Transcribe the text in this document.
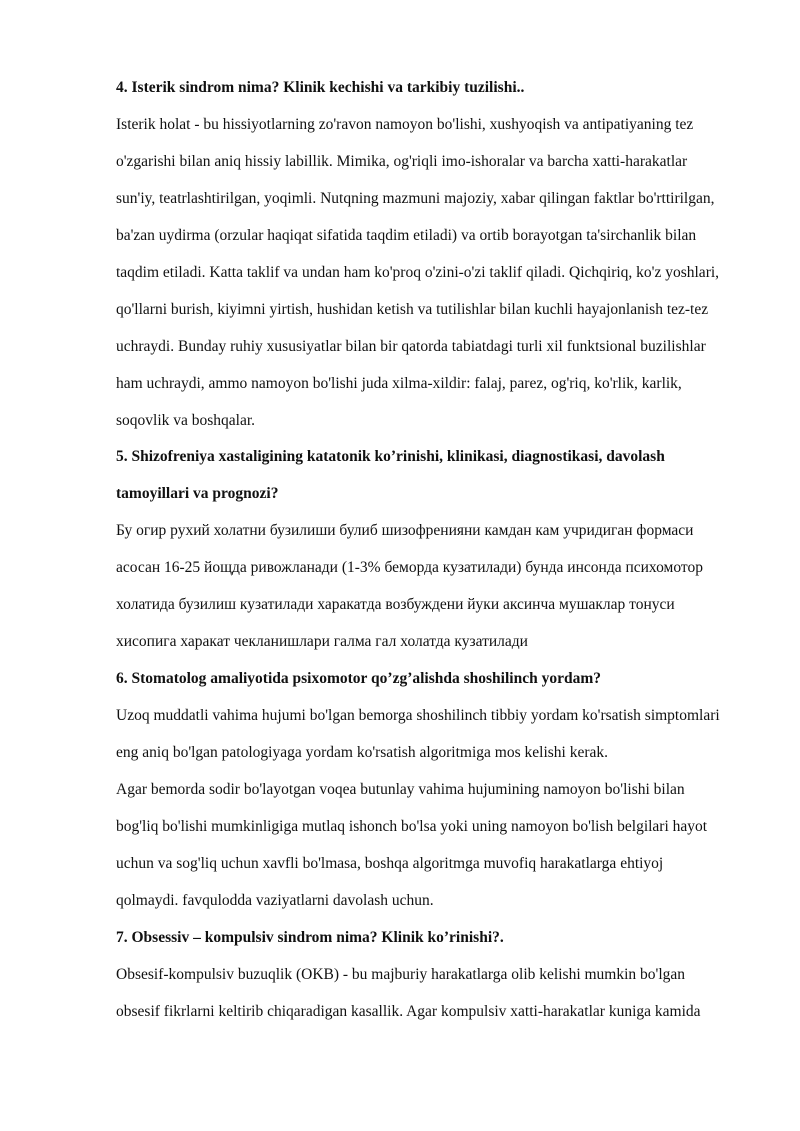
4. Isterik sindrom nima? Klinik kechishi va tarkibiy tuzilishi..
Isterik holat - bu hissiyotlarning zo'ravon namoyon bo'lishi, xushyoqish va antipatiyaning tez
o'zgarishi bilan aniq hissiy labillik. Mimika, og'riqli imo-ishoralar va barcha xatti-harakatlar
sun'iy, teatrlashtirilgan, yoqimli. Nutqning mazmuni majoziy, xabar qilingan faktlar bo'rttirilgan,
ba'zan uydirma (orzular haqiqat sifatida taqdim etiladi) va ortib borayotgan ta'sirchanlik bilan
taqdim etiladi. Katta taklif va undan ham ko'proq o'zini-o'zi taklif qiladi. Qichqiriq, ko'z yoshlari,
qo'llarni burish, kiyimni yirtish, hushidan ketish va tutilishlar bilan kuchli hayajonlanish tez-tez
uchraydi. Bunday ruhiy xususiyatlar bilan bir qatorda tabiatdagi turli xil funktsional buzilishlar
ham uchraydi, ammo namoyon bo'lishi juda xilma-xildir: falaj, parez, og'riq, ko'rlik, karlik,
soqovlik va boshqalar.
5. Shizofreniya xastaligining katatonik ko’rinishi, klinikasi, diagnostikasi, davolash
tamoyillari va prognozi?
Бу огир рухий холатни бузилиши булиб шизофренияни камдан кам учридиган формаси
асосан 16-25 йощда ривожланади (1-3% беморда кузатилади) бунда инсонда психомотор
холатида бузилиш кузатилади харакатда возбуждени йуки аксинча мушаклар тонуси
хисопига харакат чекланишлари галма гал холатда кузатилади
6. Stomatolog amaliyotida psixomotor qo’zg’alishda shoshilinch yordam?
Uzoq muddatli vahima hujumi bo'lgan bemorga shoshilinch tibbiy yordam ko'rsatish simptomlari
eng aniq bo'lgan patologiyaga yordam ko'rsatish algoritmiga mos kelishi kerak.
Agar bemorda sodir bo'layotgan voqea butunlay vahima hujumining namoyon bo'lishi bilan
bog'liq bo'lishi mumkinligiga mutlaq ishonch bo'lsa yoki uning namoyon bo'lish belgilari hayot
uchun va sog'liq uchun xavfli bo'lmasa, boshqa algoritmga muvofiq harakatlarga ehtiyoj
qolmaydi. favqulodda vaziyatlarni davolash uchun.
7. Obsessiv – kompulsiv sindrom nima? Klinik ko’rinishi?.
Obsesif-kompulsiv buzuqlik (OKB) - bu majburiy harakatlarga olib kelishi mumkin bo'lgan
obsesif fikrlarni keltirib chiqaradigan kasallik. Agar kompulsiv xatti-harakatlar kuniga kamida
